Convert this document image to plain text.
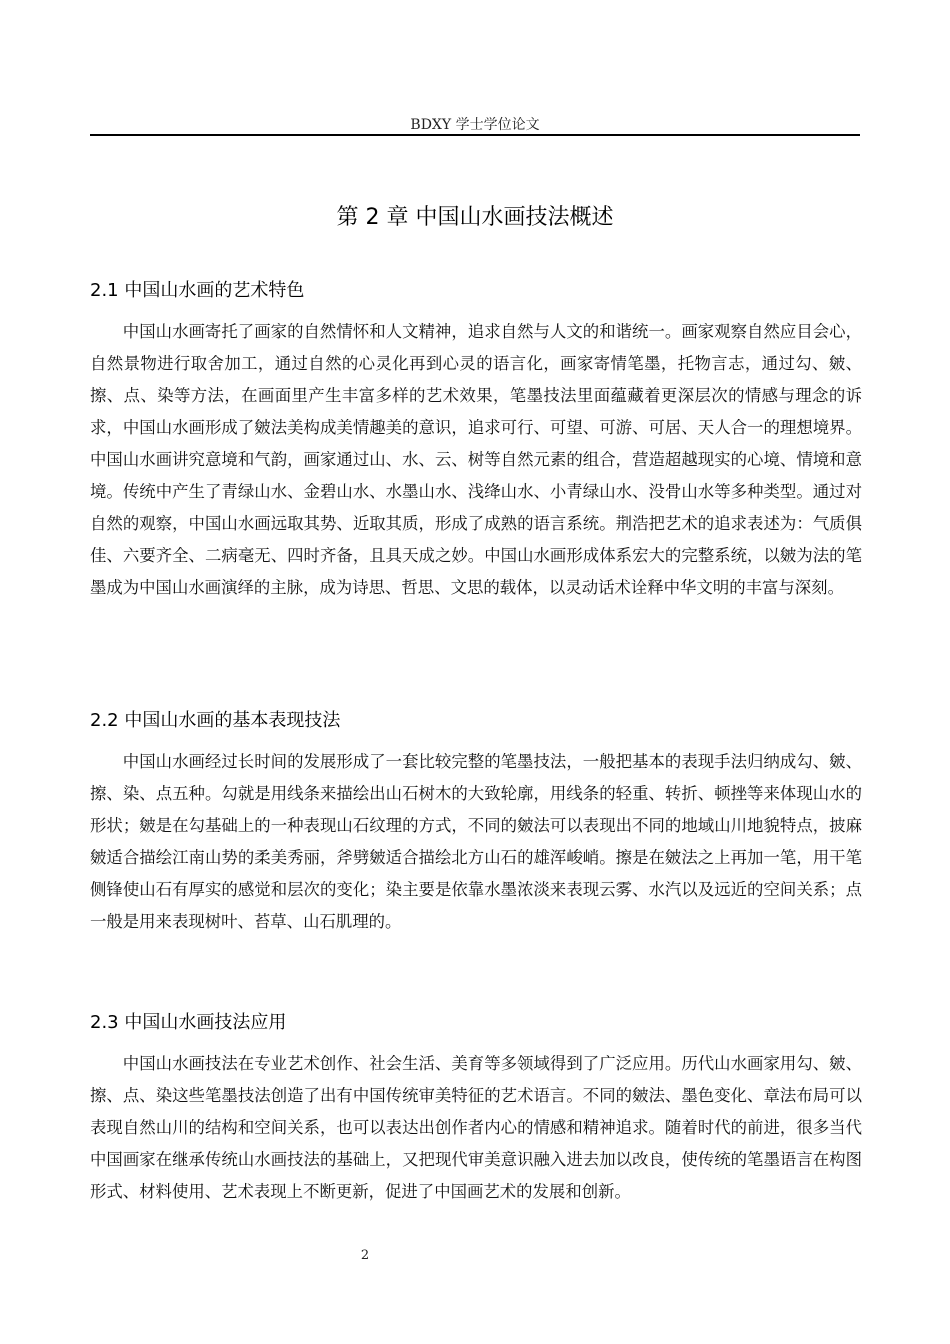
BDXY 学士学位论文
第 2 章 中国山水画技法概述
2.1 中国山水画的艺术特色

中国山水画寄托了画家的自然情怀和人文精神，追求自然与人文的和谐统一。画家观察自然应目会心，自然景物进行取舍加工，通过自然的心灵化再到心灵的语言化，画家寄情笔墨，托物言志，通过勾、皴、擦、点、染等方法，在画面里产生丰富多样的艺术效果，笔墨技法里面蕴藏着更深层次的情感与理念的诉求，中国山水画形成了皴法美构成美情趣美的意识，追求可行、可望、可游、可居、天人合一的理想境界。中国山水画讲究意境和气韵，画家通过山、水、云、树等自然元素的组合，营造超越现实的心境、情境和意境。传统中产生了青绿山水、金碧山水、水墨山水、浅绛山水、小青绿山水、没骨山水等多种类型。通过对自然的观察，中国山水画远取其势、近取其质，形成了成熟的语言系统。荆浩把艺术的追求表述为：气质俱佳、六要齐全、二病毫无、四时齐备，且具天成之妙。中国山水画形成体系宏大的完整系统，以皴为法的笔墨成为中国山水画演绎的主脉，成为诗思、哲思、文思的载体，以灵动话术诠释中华文明的丰富与深刻。

2.2 中国山水画的基本表现技法

中国山水画经过长时间的发展形成了一套比较完整的笔墨技法，一般把基本的表现手法归纳成勾、皴、擦、染、点五种。勾就是用线条来描绘出山石树木的大致轮廓，用线条的轻重、转折、顿挫等来体现山水的形状；皴是在勾基础上的一种表现山石纹理的方式，不同的皴法可以表现出不同的地域山川地貌特点，披麻皴适合描绘江南山势的柔美秀丽，斧劈皴适合描绘北方山石的雄浑峻峭。擦是在皴法之上再加一笔，用干笔侧锋使山石有厚实的感觉和层次的变化；染主要是依靠水墨浓淡来表现云雾、水汽以及远近的空间关系；点一般是用来表现树叶、苔草、山石肌理的。

2.3 中国山水画技法应用

中国山水画技法在专业艺术创作、社会生活、美育等多领域得到了广泛应用。历代山水画家用勾、皴、擦、点、染这些笔墨技法创造了出有中国传统审美特征的艺术语言。不同的皴法、墨色变化、章法布局可以表现自然山川的结构和空间关系，也可以表达出创作者内心的情感和精神追求。随着时代的前进，很多当代中国画家在继承传统山水画技法的基础上，又把现代审美意识融入进去加以改良，使传统的笔墨语言在构图形式、材料使用、艺术表现上不断更新，促进了中国画艺术的发展和创新。

2
